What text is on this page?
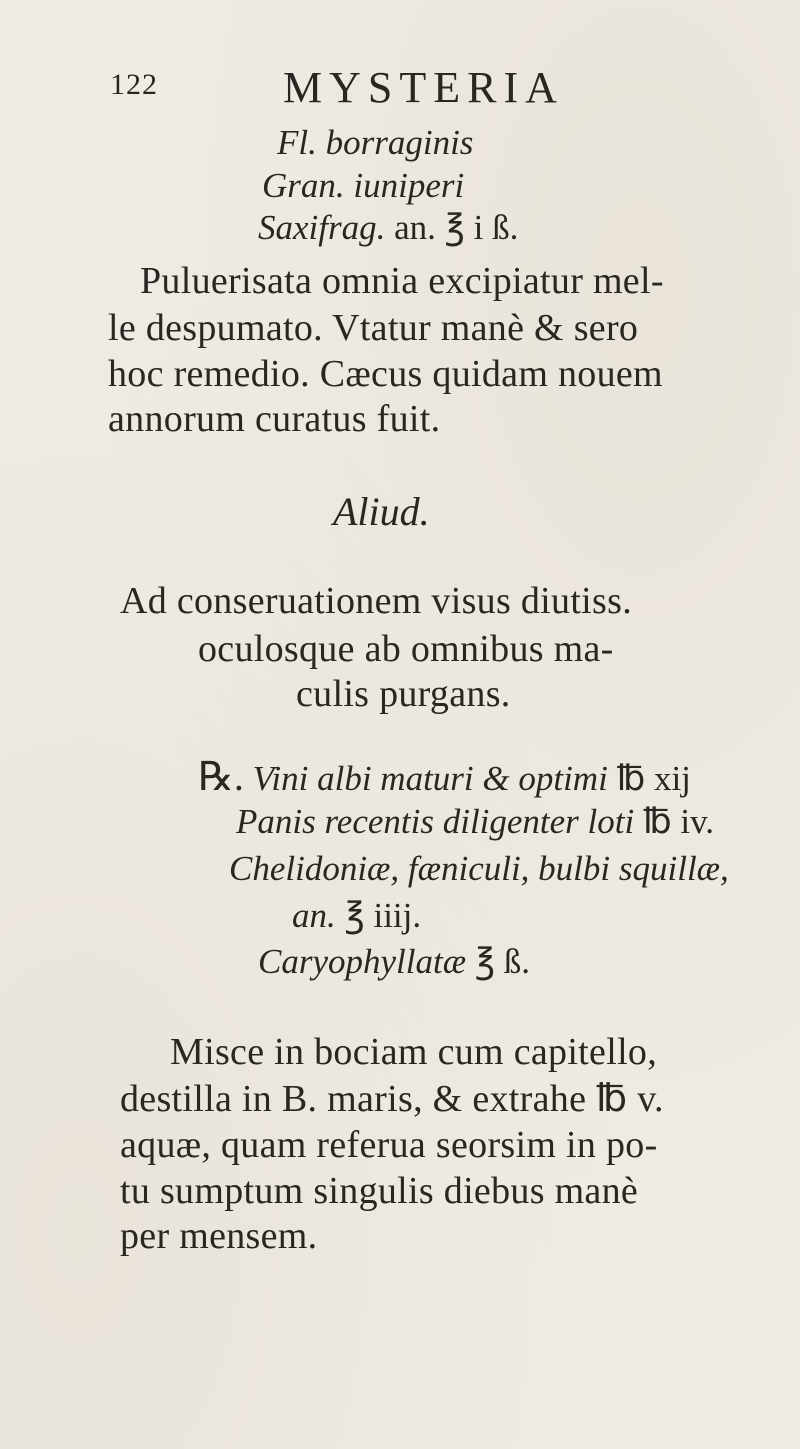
122	MYSTERIA
Fl. borraginis
Gran. iuniperi
Saxifrag. an. ℥ i ß.
Puluerisata omnia excipiatur mel-
le despumato. Vtatur manè & sero
hoc remedio. Cæcus quidam nouem
annorum curatus fuit.
Aliud.
Ad conseruationem visus diutiss.
oculosque ab omnibus ma-
culis purgans.
℞. Vini albi maturi & optimi ℔ xij
Panis recentis diligenter loti ℔ iv.
Chelidoniæ, fæniculi, bulbi squillæ,
an. ℥ iiij.
Caryophyllatæ ℥ ß.
Misce in bociam cum capitello,
destilla in B. maris, & extrahe ℔ v.
aquæ, quam referua seorsim in po-
tu sumptum singulis diebus manè
per mensem.
